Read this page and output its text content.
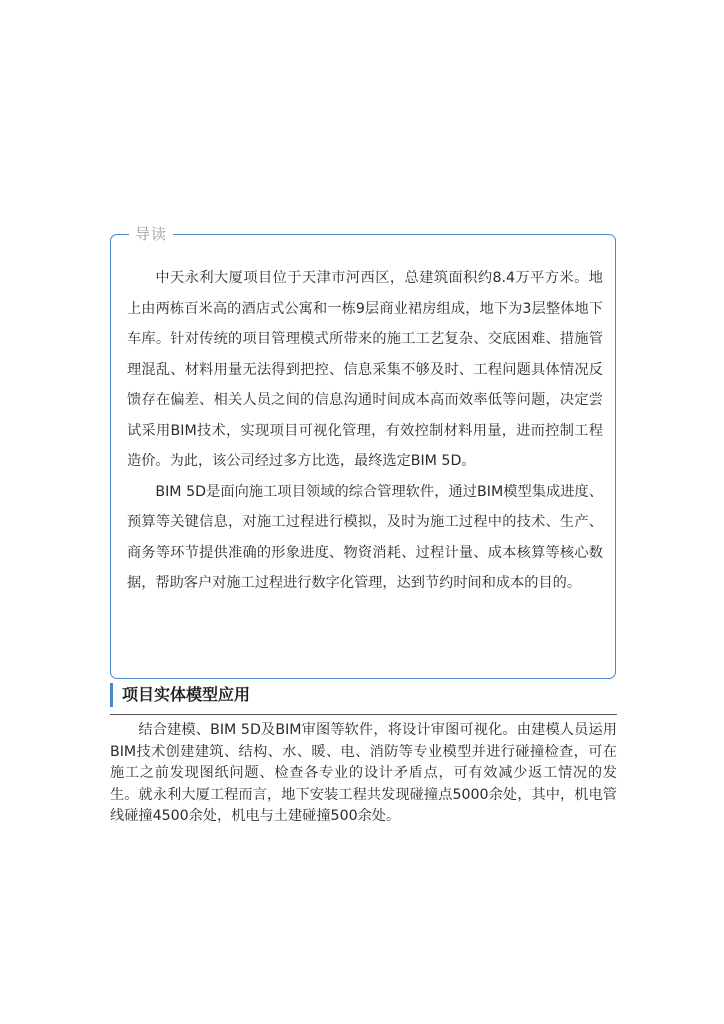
导读

中天永利大厦项目位于天津市河西区，总建筑面积约8.4万平方米。地上由两栋百米高的酒店式公寓和一栋9层商业裙房组成，地下为3层整体地下车库。针对传统的项目管理模式所带来的施工工艺复杂、交底困难、措施管理混乱、材料用量无法得到把控、信息采集不够及时、工程问题具体情况反馈存在偏差、相关人员之间的信息沟通时间成本高而效率低等问题，决定尝试采用BIM技术，实现项目可视化管理，有效控制材料用量，进而控制工程造价。为此，该公司经过多方比选，最终选定BIM 5D。

BIM 5D是面向施工项目领域的综合管理软件，通过BIM模型集成进度、预算等关键信息，对施工过程进行模拟，及时为施工过程中的技术、生产、商务等环节提供准确的形象进度、物资消耗、过程计量、成本核算等核心数据，帮助客户对施工过程进行数字化管理，达到节约时间和成本的目的。

项目实体模型应用

结合建模、BIM 5D及BIM审图等软件，将设计审图可视化。由建模人员运用BIM技术创建建筑、结构、水、暖、电、消防等专业模型并进行碰撞检查，可在施工之前发现图纸问题、检查各专业的设计矛盾点，可有效减少返工情况的发生。就永利大厦工程而言，地下安装工程共发现碰撞点5000余处，其中，机电管线碰撞4500余处，机电与土建碰撞500余处。
